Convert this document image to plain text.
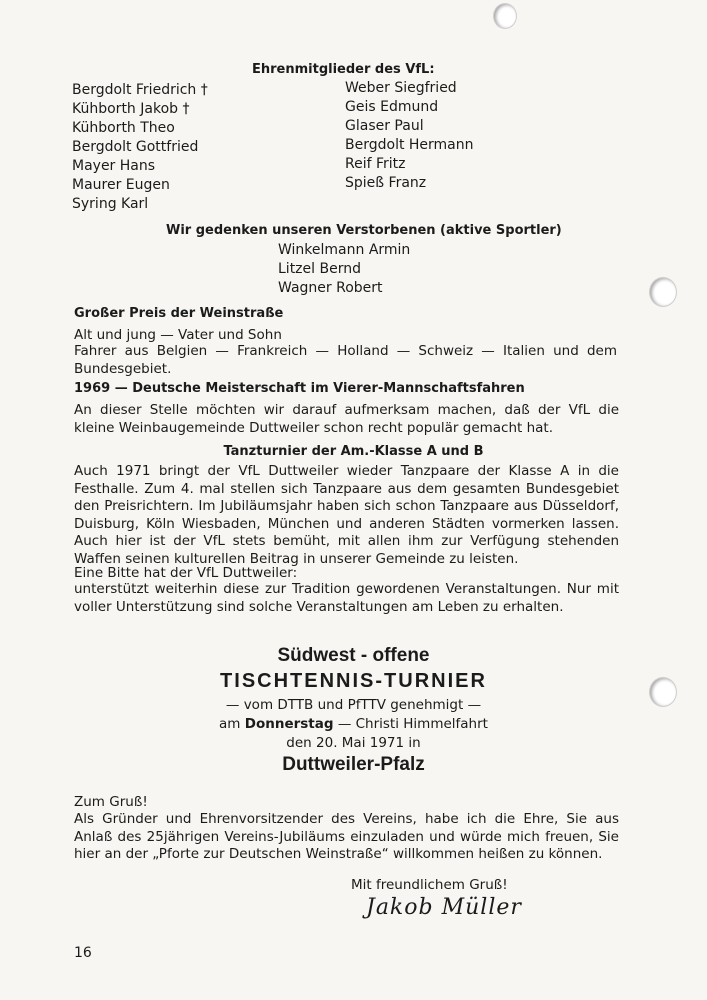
Ehrenmitglieder des VfL:
Bergdolt Friedrich †
Kühborth Jakob †
Kühborth Theo
Bergdolt Gottfried
Mayer Hans
Maurer Eugen
Syring Karl
Weber Siegfried
Geis Edmund
Glaser Paul
Bergdolt Hermann
Reif Fritz
Spieß Franz
Wir gedenken unseren Verstorbenen (aktive Sportler)
Winkelmann Armin
Litzel Bernd
Wagner Robert
Großer Preis der Weinstraße
Alt und jung — Vater und Sohn
Fahrer aus Belgien — Frankreich — Holland — Schweiz — Italien und dem Bundesgebiet.
1969 — Deutsche Meisterschaft im Vierer-Mannschaftsfahren
An dieser Stelle möchten wir darauf aufmerksam machen, daß der VfL die kleine Weinbaugemeinde Duttweiler schon recht populär gemacht hat.
Tanzturnier der Am.-Klasse A und B
Auch 1971 bringt der VfL Duttweiler wieder Tanzpaare der Klasse A in die Festhalle. Zum 4. mal stellen sich Tanzpaare aus dem gesamten Bundesgebiet den Preisrichtern. Im Jubiläumsjahr haben sich schon Tanzpaare aus Düsseldorf, Duisburg, Köln Wiesbaden, München und anderen Städten vormerken lassen. Auch hier ist der VfL stets bemüht, mit allen ihm zur Verfügung stehenden Waffen seinen kulturellen Beitrag in unserer Gemeinde zu leisten.
Eine Bitte hat der VfL Duttweiler:
unterstützt weiterhin diese zur Tradition gewordenen Veranstaltungen. Nur mit voller Unterstützung sind solche Veranstaltungen am Leben zu erhalten.
Südwest - offene
TISCHTENNIS-TURNIER
— vom DTTB und PfTTV genehmigt —
am Donnerstag — Christi Himmelfahrt
den 20. Mai 1971 in
Duttweiler-Pfalz
Zum Gruß!
Als Gründer und Ehrenvorsitzender des Vereins, habe ich die Ehre, Sie aus Anlaß des 25jährigen Vereins-Jubiläums einzuladen und würde mich freuen, Sie hier an der „Pforte zur Deutschen Weinstraße“ willkommen heißen zu können.
Mit freundlichem Gruß!
Jakob Müller
16
